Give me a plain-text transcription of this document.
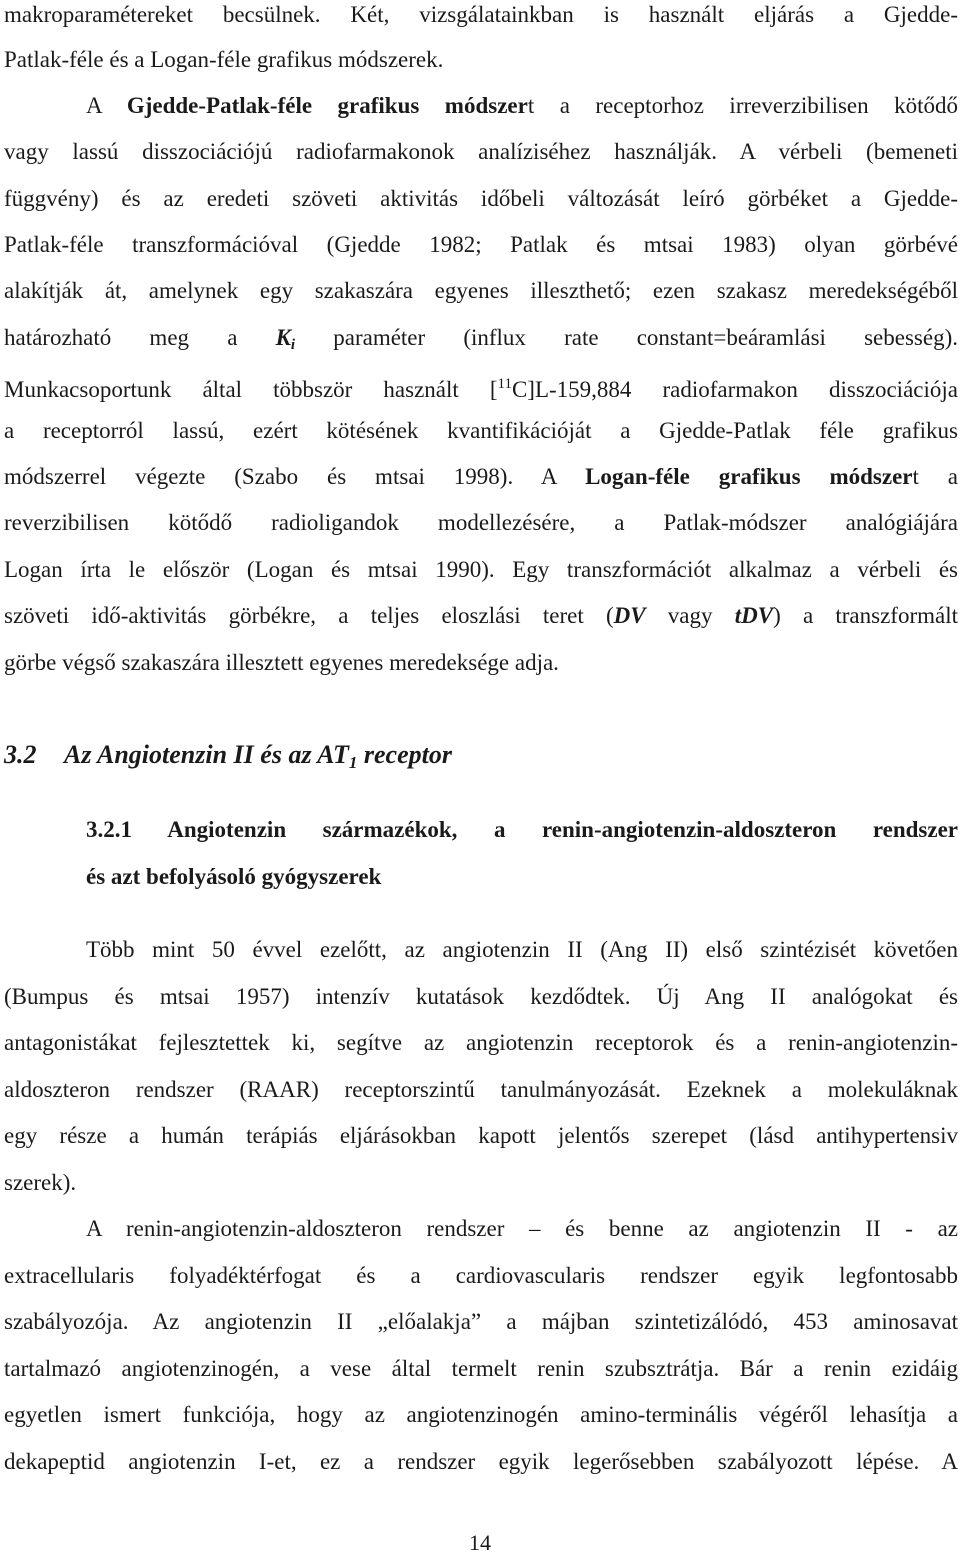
makroparamétereket becsülnek. Két, vizsgálatainkban is használt eljárás a Gjedde-
Patlak-féle és a Logan-féle grafikus módszerek.
A Gjedde-Patlak-féle grafikus módszert a receptorhoz irreverzibilisen kötődő
vagy lassú disszociációjú radiofarmakonok analíziséhez használják. A vérbeli (bemeneti
függvény) és az eredeti szöveti aktivitás időbeli változását leíró görbéket a Gjedde-
Patlak-féle transzformációval (Gjedde 1982; Patlak és mtsai 1983) olyan görbévé
alakítják át, amelynek egy szakaszára egyenes illeszthető; ezen szakasz meredekségéből
határozható meg a $K_i$ paraméter (influx rate constant=beáramlási sebesség).
Munkacsoportunk által többször használt [$^{11}$C]L-159,884 radiofarmakon disszociációja
a receptorról lassú, ezért kötésének kvantifikációját a Gjedde-Patlak féle grafikus
módszerrel végezte (Szabo és mtsai 1998). A Logan-féle grafikus módszert a
reverzibilisen kötődő radioligandok modellezésére, a Patlak-módszer analógiájára
Logan írta le először (Logan és mtsai 1990). Egy transzformációt alkalmaz a vérbeli és
szöveti idő-aktivitás görbékre, a teljes eloszlási teret (DV vagy tDV) a transzformált
görbe végső szakaszára illesztett egyenes meredeksége adja.
3.2 Az Angiotenzin II és az AT1 receptor
3.2.1 Angiotenzin származékok, a renin-angiotenzin-aldoszteron rendszer
és azt befolyásoló gyógyszerek
Több mint 50 évvel ezelőtt, az angiotenzin II (Ang II) első szintézisét követően
(Bumpus és mtsai 1957) intenzív kutatások kezdődtek. Új Ang II analógokat és
antagonistákat fejlesztettek ki, segítve az angiotenzin receptorok és a renin-angiotenzin-
aldoszteron rendszer (RAAR) receptorszintű tanulmányozását. Ezeknek a molekuláknak
egy része a humán terápiás eljárásokban kapott jelentős szerepet (lásd antihypertensiv
szerek).
A renin-angiotenzin-aldoszteron rendszer – és benne az angiotenzin II - az
extracellularis folyadéktérfogat és a cardiovascularis rendszer egyik legfontosabb
szabályozója. Az angiotenzin II „előalakja” a májban szintetizálódó, 453 aminosavat
tartalmazó angiotenzinogén, a vese által termelt renin szubsztrátja. Bár a renin ezidáig
egyetlen ismert funkciója, hogy az angiotenzinogén amino-terminális végéről lehasítja a
dekapeptid angiotenzin I-et, ez a rendszer egyik legerősebben szabályozott lépése. A
14
